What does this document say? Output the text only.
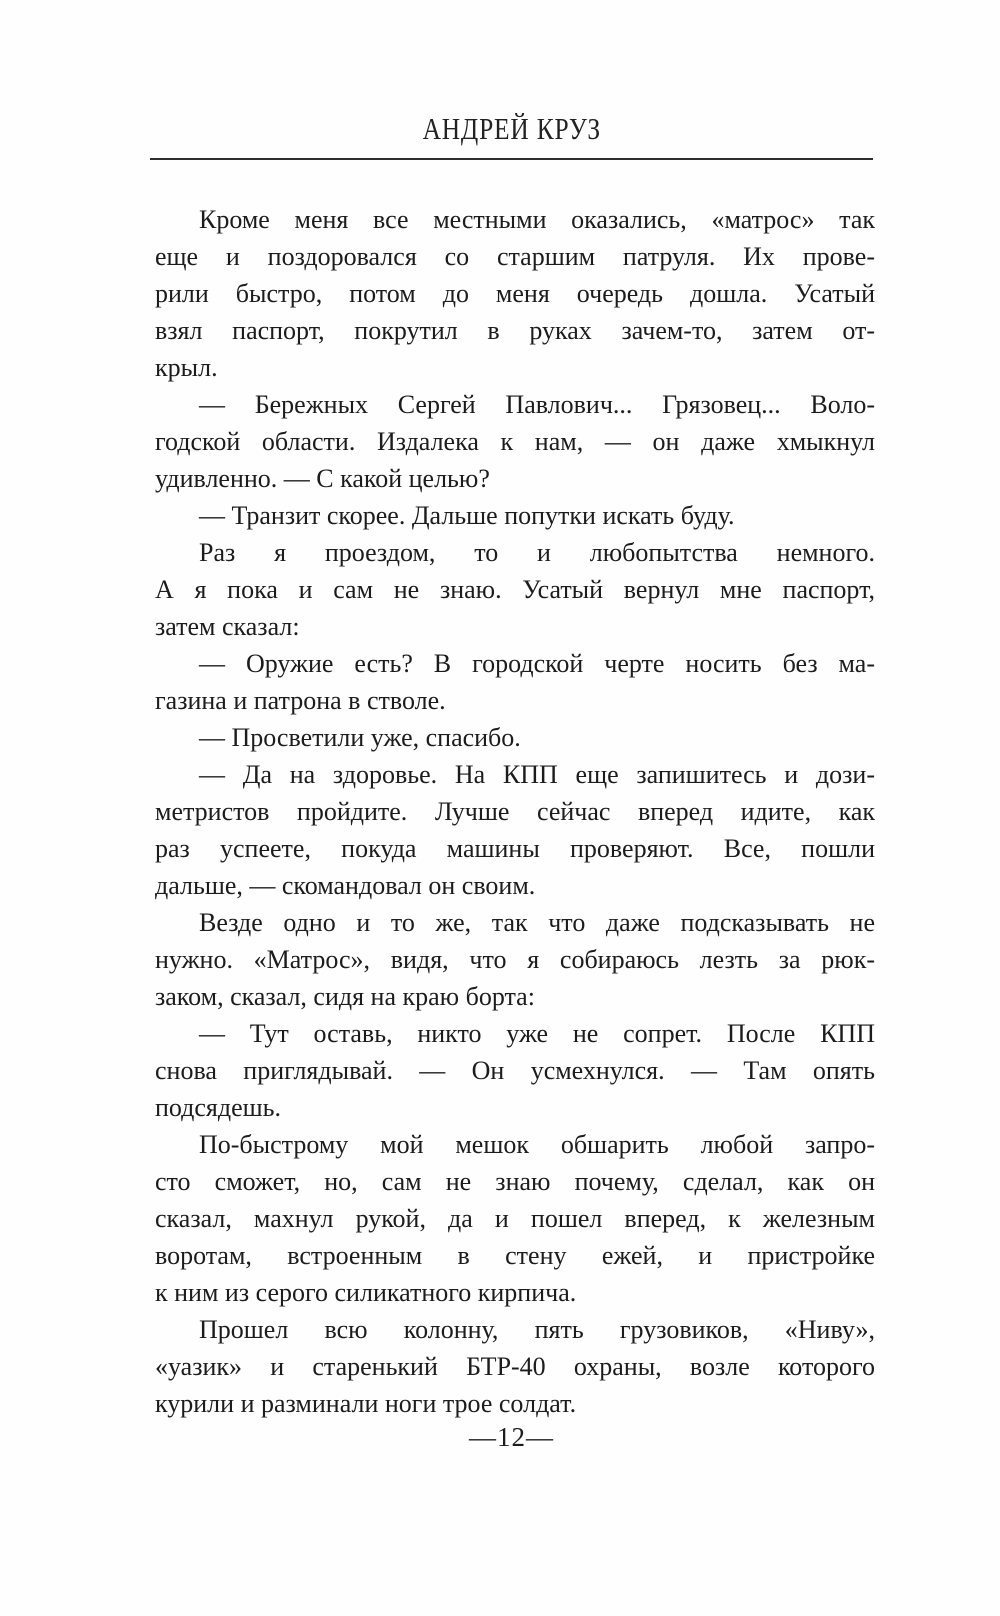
АНДРЕЙ КРУЗ
Кроме меня все местными оказались, «матрос» так
еще и поздоровался со старшим патруля. Их прове-
рили быстро, потом до меня очередь дошла. Усатый
взял паспорт, покрутил в руках зачем-то, затем от-
крыл.
— Бережных Сергей Павлович... Грязовец... Воло-
годской области. Издалека к нам, — он даже хмыкнул
удивленно. — С какой целью?
— Транзит скорее. Дальше попутки искать буду.
Раз я проездом, то и любопытства немного.
А я пока и сам не знаю. Усатый вернул мне паспорт,
затем сказал:
— Оружие есть? В городской черте носить без ма-
газина и патрона в стволе.
— Просветили уже, спасибо.
— Да на здоровье. На КПП еще запишитесь и дози-
метристов пройдите. Лучше сейчас вперед идите, как
раз успеете, покуда машины проверяют. Все, пошли
дальше, — скомандовал он своим.
Везде одно и то же, так что даже подсказывать не
нужно. «Матрос», видя, что я собираюсь лезть за рюк-
заком, сказал, сидя на краю борта:
— Тут оставь, никто уже не сопрет. После КПП
снова приглядывай. — Он усмехнулся. — Там опять
подсядешь.
По-быстрому мой мешок обшарить любой запро-
сто сможет, но, сам не знаю почему, сделал, как он
сказал, махнул рукой, да и пошел вперед, к железным
воротам, встроенным в стену ежей, и пристройке
к ним из серого силикатного кирпича.
Прошел всю колонну, пять грузовиков, «Ниву»,
«уазик» и старенький БТР-40 охраны, возле которого
курили и разминали ноги трое солдат.
—12—
